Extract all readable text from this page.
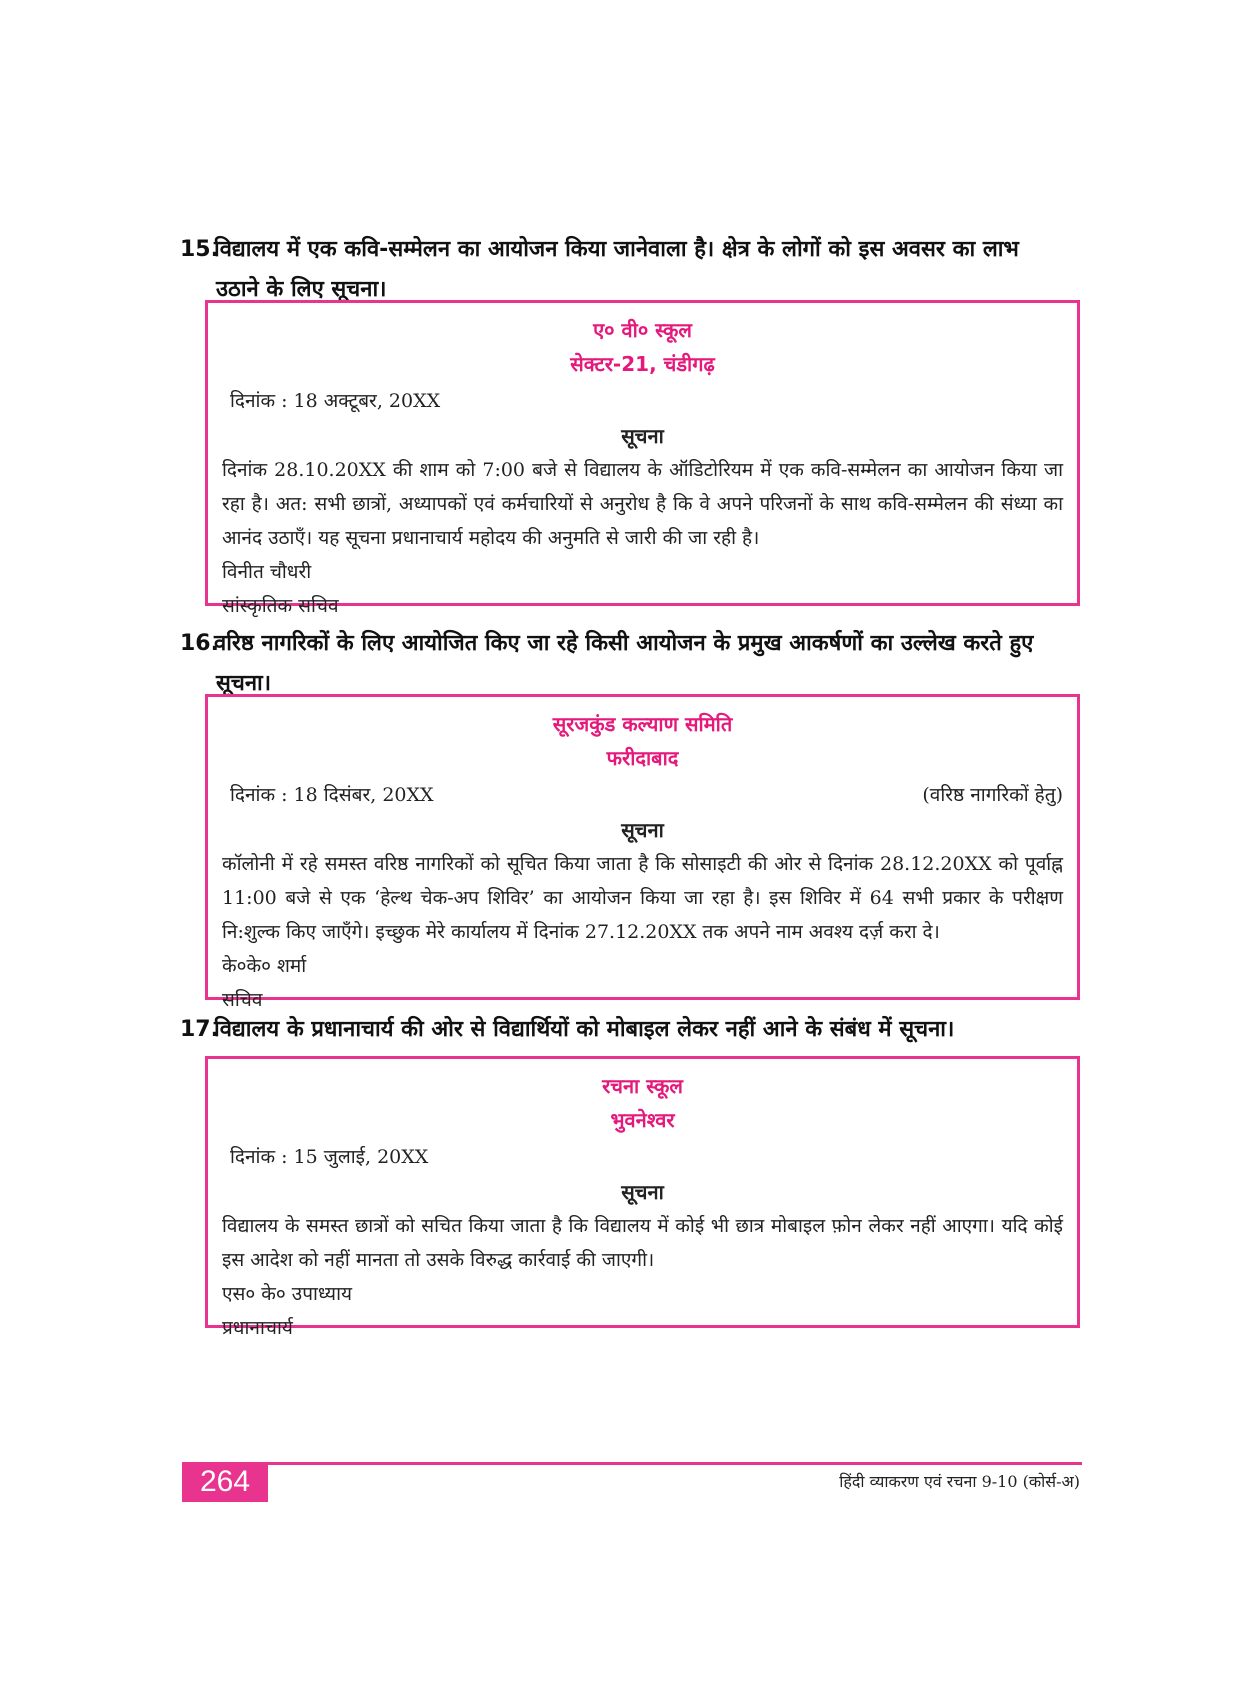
15.विद्यालय में एक कवि-सम्मेलन का आयोजन किया जानेवाला है। क्षेत्र के लोगों को इस अवसर का लाभ
उठाने के लिए सूचना।
ए० वी० स्कूल
सेक्टर-21, चंडीगढ़
दिनांक : 18 अक्टूबर, 20XX
सूचना
दिनांक 28.10.20XX की शाम को 7:00 बजे से विद्यालय के ऑडिटोरियम में एक कवि-सम्मेलन का आयोजन किया जा रहा है। अत: सभी छात्रों, अध्यापकों एवं कर्मचारियों से अनुरोध है कि वे अपने परिजनों के साथ कवि-सम्मेलन की संध्या का आनंद उठाएँ। यह सूचना प्रधानाचार्य महोदय की अनुमति से जारी की जा रही है।
विनीत चौधरी
सांस्कृतिक सचिव
16.वरिष्ठ नागरिकों के लिए आयोजित किए जा रहे किसी आयोजन के प्रमुख आकर्षणों का उल्लेख करते हुए
सूचना।
सूरजकुंड कल्याण समिति
फरीदाबाद
दिनांक : 18 दिसंबर, 20XX	(वरिष्ठ नागरिकों हेतु)
सूचना
कॉलोनी में रहे समस्त वरिष्ठ नागरिकों को सूचित किया जाता है कि सोसाइटी की ओर से दिनांक 28.12.20XX को पूर्वाह्न 11:00 बजे से एक ‘हेल्थ चेक-अप शिविर’ का आयोजन किया जा रहा है। इस शिविर में 64 सभी प्रकार के परीक्षण नि:शुल्क किए जाएँगे। इच्छुक मेरे कार्यालय में दिनांक 27.12.20XX तक अपने नाम अवश्य दर्ज़ करा दे।
के०के० शर्मा
सचिव
17.विद्यालय के प्रधानाचार्य की ओर से विद्यार्थियों को मोबाइल लेकर नहीं आने के संबंध में सूचना।
रचना स्कूल
भुवनेश्वर
दिनांक : 15 जुलाई, 20XX
सूचना
विद्यालय के समस्त छात्रों को सचित किया जाता है कि विद्यालय में कोई भी छात्र मोबाइल फ़ोन लेकर नहीं आएगा। यदि कोई इस आदेश को नहीं मानता तो उसके विरुद्ध कार्रवाई की जाएगी।
एस० के० उपाध्याय
प्रधानाचार्य
264	हिंदी व्याकरण एवं रचना 9-10 (कोर्स-अ)
